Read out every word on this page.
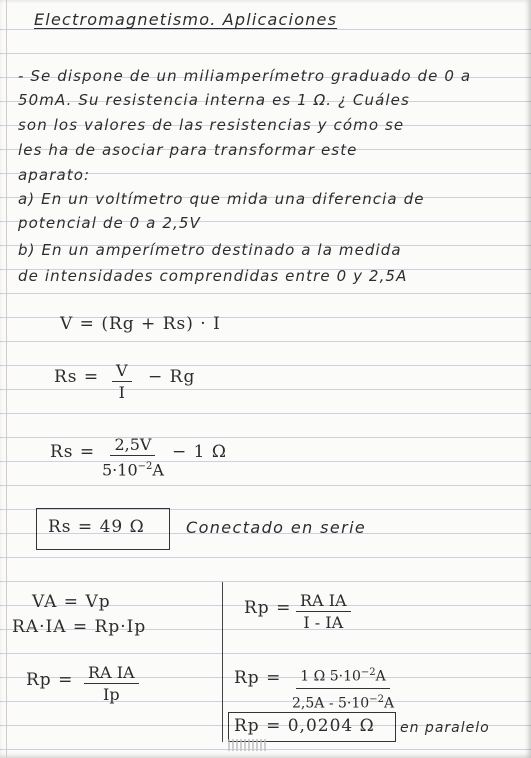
Electromagnetismo. Aplicaciones
- Se dispone de un miliamperímetro graduado de 0 a
50mA. Su resistencia interna es 1 Ω. ¿ Cuáles
son los valores de las resistencias y cómo se
les ha de asociar para transformar este
aparato:
a) En un voltímetro que mida una diferencia de
potencial de 0 a 2,5V
b) En un amperímetro destinado a la medida
de intensidades comprendidas entre 0 y 2,5A
V = (Rg + Rs) · I
$Rs = \frac{V}{I} - Rg$
$Rs = \frac{2,5V}{5\cdot 10^{-2}A} - 1$ Ω
Rs = 49 Ω	Conectado en serie
VA = Vp
RA·IA = Rp·Ip
$Rp = \frac{\text{RA IA}}{Ip}$
$Rp = \frac{\text{RA IA}}{I - IA}$
$Rp = \frac{1 \Omega 5\cdot 10^{-2}A}{2,5A - 5\cdot 10^{-2}A}$
Rp = 0,0204 Ω en paralelo
